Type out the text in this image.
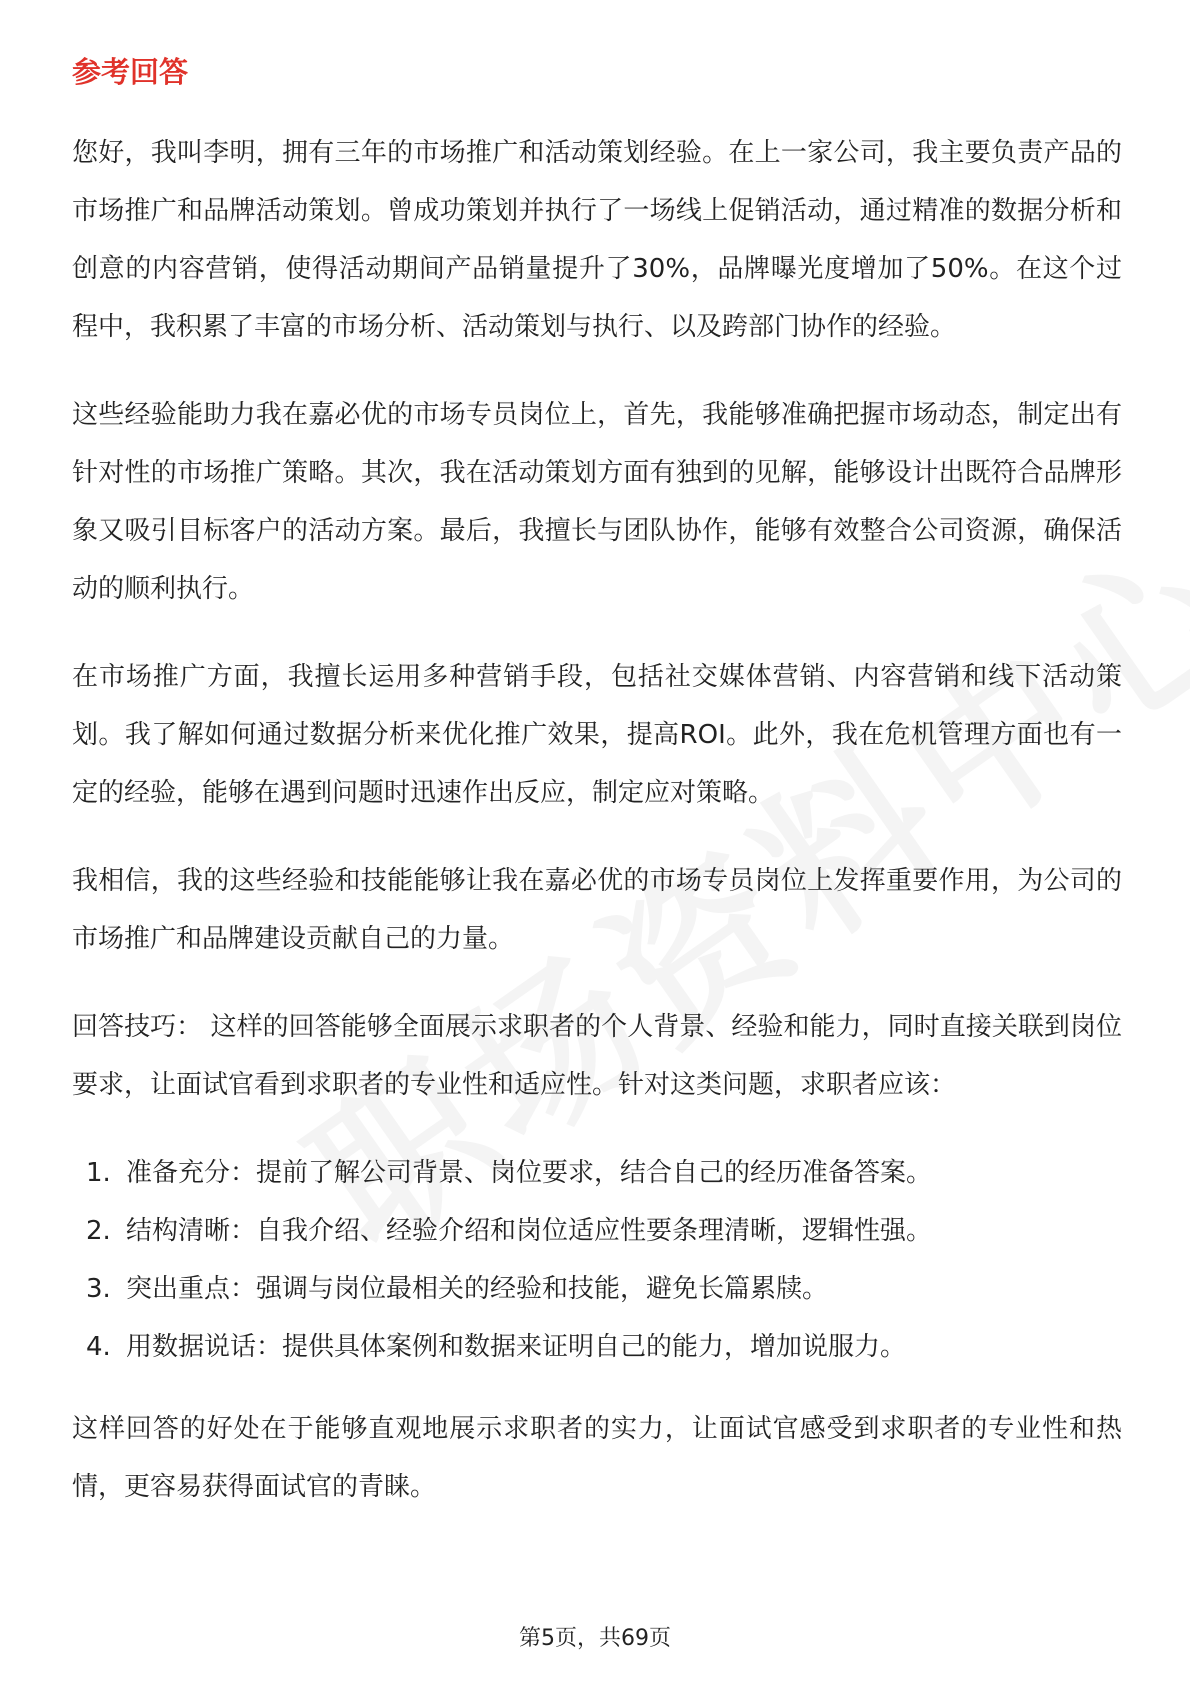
参考回答

您好，我叫李明，拥有三年的市场推广和活动策划经验。在上一家公司，我主要负责产品的市场推广和品牌活动策划。曾成功策划并执行了一场线上促销活动，通过精准的数据分析和创意的内容营销，使得活动期间产品销量提升了30%，品牌曝光度增加了50%。在这个过程中，我积累了丰富的市场分析、活动策划与执行、以及跨部门协作的经验。

这些经验能助力我在嘉必优的市场专员岗位上，首先，我能够准确把握市场动态，制定出有针对性的市场推广策略。其次，我在活动策划方面有独到的见解，能够设计出既符合品牌形象又吸引目标客户的活动方案。最后，我擅长与团队协作，能够有效整合公司资源，确保活动的顺利执行。

在市场推广方面，我擅长运用多种营销手段，包括社交媒体营销、内容营销和线下活动策划。我了解如何通过数据分析来优化推广效果，提高ROI。此外，我在危机管理方面也有一定的经验，能够在遇到问题时迅速作出反应，制定应对策略。

我相信，我的这些经验和技能能够让我在嘉必优的市场专员岗位上发挥重要作用，为公司的市场推广和品牌建设贡献自己的力量。

回答技巧： 这样的回答能够全面展示求职者的个人背景、经验和能力，同时直接关联到岗位要求，让面试官看到求职者的专业性和适应性。针对这类问题，求职者应该：

1. 准备充分：提前了解公司背景、岗位要求，结合自己的经历准备答案。
2. 结构清晰：自我介绍、经验介绍和岗位适应性要条理清晰，逻辑性强。
3. 突出重点：强调与岗位最相关的经验和技能，避免长篇累牍。
4. 用数据说话：提供具体案例和数据来证明自己的能力，增加说服力。

这样回答的好处在于能够直观地展示求职者的实力，让面试官感受到求职者的专业性和热情，更容易获得面试官的青睐。

第5页，共69页
